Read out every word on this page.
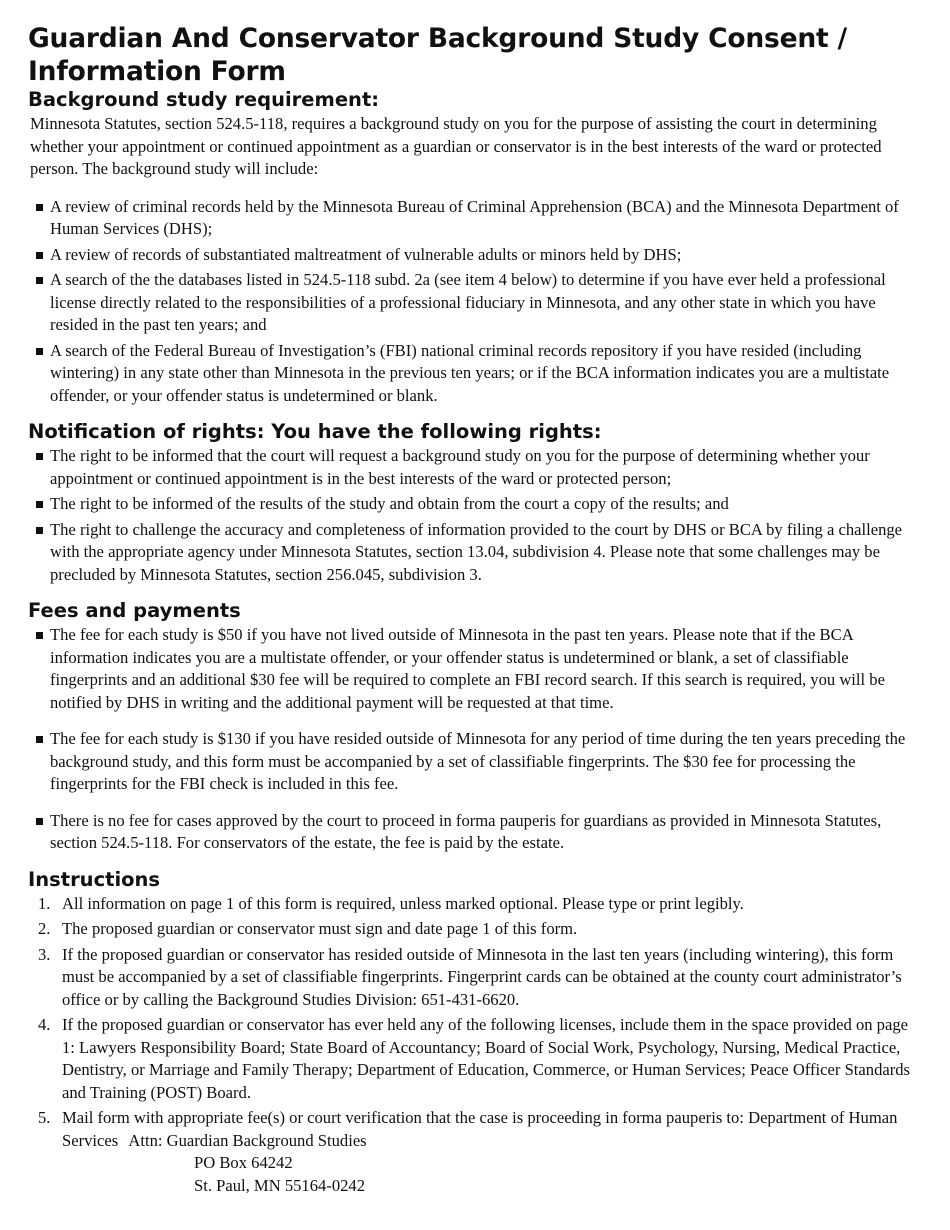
Guardian And Conservator Background Study Consent / Information Form
Background study requirement:

Minnesota Statutes, section 524.5-118, requires a background study on you for the purpose of assisting the court in determining whether your appointment or continued appointment as a guardian or conservator is in the best interests of the ward or protected person. The background study will include:

A review of criminal records held by the Minnesota Bureau of Criminal Apprehension (BCA) and the Minnesota Department of Human Services (DHS);
A review of records of substantiated maltreatment of vulnerable adults or minors held by DHS;
A search of the the databases listed in 524.5-118 subd. 2a (see item 4 below) to determine if you have ever held a professional license directly related to the responsibilities of a professional fiduciary in Minnesota, and any other state in which you have resided in the past ten years; and
A search of the Federal Bureau of Investigation’s (FBI) national criminal records repository if you have resided (including wintering) in any state other than Minnesota in the previous ten years; or if the BCA information indicates you are a multistate offender, or your offender status is undetermined or blank.
Notification of rights: You have the following rights:
The right to be informed that the court will request a background study on you for the purpose of determining whether your appointment or continued appointment is in the best interests of the ward or protected person;
The right to be informed of the results of the study and obtain from the court a copy of the results; and
The right to challenge the accuracy and completeness of information provided to the court by DHS or BCA by filing a challenge with the appropriate agency under Minnesota Statutes, section 13.04, subdivision 4. Please note that some challenges may be precluded by Minnesota Statutes, section 256.045, subdivision 3.
Fees and payments
The fee for each study is $50 if you have not lived outside of Minnesota in the past ten years. Please note that if the BCA information indicates you are a multistate offender, or your offender status is undetermined or blank, a set of classifiable fingerprints and an additional $30 fee will be required to complete an FBI record search. If this search is required, you will be notified by DHS in writing and the additional payment will be requested at that time.
The fee for each study is $130 if you have resided outside of Minnesota for any period of time during the ten years preceding the background study, and this form must be accompanied by a set of classifiable fingerprints. The $30 fee for processing the fingerprints for the FBI check is included in this fee.
There is no fee for cases approved by the court to proceed in forma pauperis for guardians as provided in Minnesota Statutes, section 524.5-118. For conservators of the estate, the fee is paid by the estate.
Instructions
1. All information on page 1 of this form is required, unless marked optional. Please type or print legibly.
2. The proposed guardian or conservator must sign and date page 1 of this form.
3. If the proposed guardian or conservator has resided outside of Minnesota in the last ten years (including wintering), this form must be accompanied by a set of classifiable fingerprints. Fingerprint cards can be obtained at the county court administrator’s office or by calling the Background Studies Division: 651-431-6620.
4. If the proposed guardian or conservator has ever held any of the following licenses, include them in the space provided on page 1: Lawyers Responsibility Board; State Board of Accountancy; Board of Social Work, Psychology, Nursing, Medical Practice, Dentistry, or Marriage and Family Therapy; Department of Education, Commerce, or Human Services; Peace Officer Standards and Training (POST) Board.
5. Mail form with appropriate fee(s) or court verification that the case is proceeding in forma pauperis to: Department of Human Services Attn: Guardian Background Studies
PO Box 64242
St. Paul, MN 55164-0242
